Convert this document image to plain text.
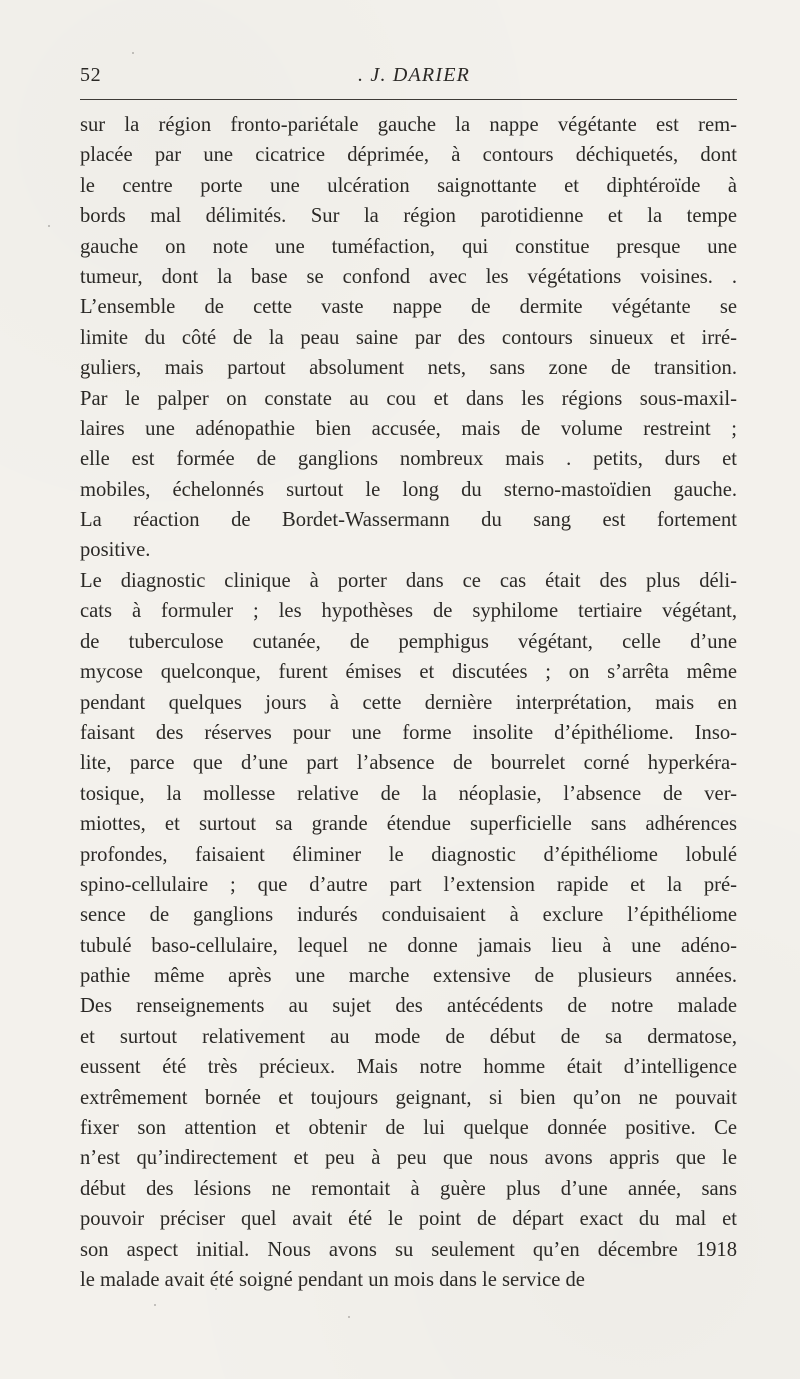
52	. J. DARIER
sur la région fronto-pariétale gauche la nappe végétante est rem-
placée par une cicatrice déprimée, à contours déchiquetés, dont
le centre porte une ulcération saignottante et diphtéroïde à
bords mal délimités. Sur la région parotidienne et la tempe
gauche on note une tuméfaction, qui constitue presque une
tumeur, dont la base se confond avec les végétations voisines. .
L’ensemble de cette vaste nappe de dermite végétante se
limite du côté de la peau saine par des contours sinueux et irré-
guliers, mais partout absolument nets, sans zone de transition.
Par le palper on constate au cou et dans les régions sous-maxil-
laires une adénopathie bien accusée, mais de volume restreint ;
elle est formée de ganglions nombreux mais . petits, durs et
mobiles, échelonnés surtout le long du sterno-mastoïdien gauche.
La réaction de Bordet-Wassermann du sang est fortement
positive.
Le diagnostic clinique à porter dans ce cas était des plus déli-
cats à formuler ; les hypothèses de syphilome tertiaire végétant,
de tuberculose cutanée, de pemphigus végétant, celle d’une
mycose quelconque, furent émises et discutées ; on s’arrêta même
pendant quelques jours à cette dernière interprétation, mais en
faisant des réserves pour une forme insolite d’épithéliome. Inso-
lite, parce que d’une part l’absence de bourrelet corné hyperkéra-
tosique, la mollesse relative de la néoplasie, l’absence de ver-
miottes, et surtout sa grande étendue superficielle sans adhérences
profondes, faisaient éliminer le diagnostic d’épithéliome lobulé
spino-cellulaire ; que d’autre part l’extension rapide et la pré-
sence de ganglions indurés conduisaient à exclure l’épithéliome
tubulé baso-cellulaire, lequel ne donne jamais lieu à une adéno-
pathie même après une marche extensive de plusieurs années.
Des renseignements au sujet des antécédents de notre malade
et surtout relativement au mode de début de sa dermatose,
eussent été très précieux. Mais notre homme était d’intelligence
extrêmement bornée et toujours geignant, si bien qu’on ne pouvait
fixer son attention et obtenir de lui quelque donnée positive. Ce
n’est qu’indirectement et peu à peu que nous avons appris que le
début des lésions ne remontait à guère plus d’une année, sans
pouvoir préciser quel avait été le point de départ exact du mal et
son aspect initial. Nous avons su seulement qu’en décembre 1918
le malade avait été soigné pendant un mois dans le service de
